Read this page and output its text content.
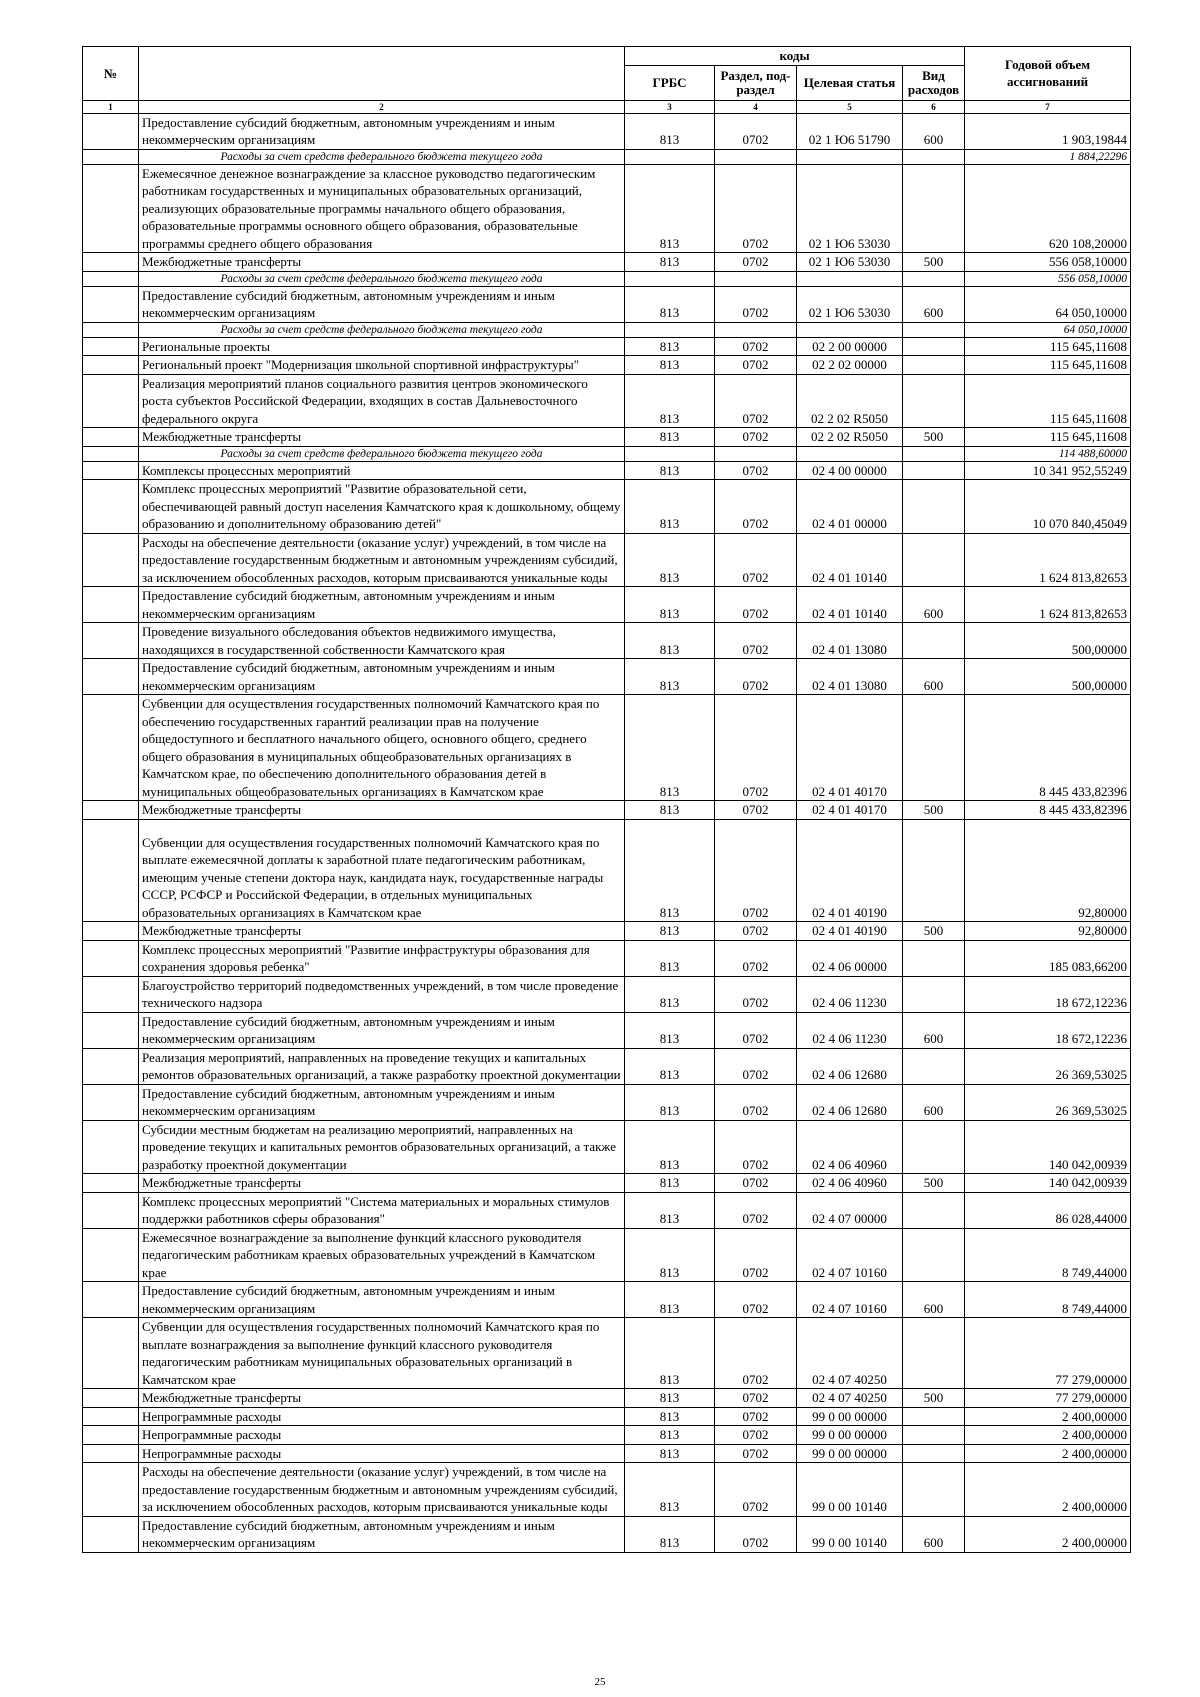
№		коды				Годовой объем ассигнований
		ГРБС	Раздел, под-раздел	Целевая статья	Вид расходов	
1	2	3	4	5	6	7
	Предоставление субсидий бюджетным, автономным учреждениям и иным некоммерческим организациям	813	0702	02 1 Ю6 51790	600	1 903,19844
	Расходы за счет средств федерального бюджета текущего года					1 884,22296
	Ежемесячное денежное вознаграждение за классное руководство педагогическим работникам государственных и муниципальных образовательных организаций, реализующих образовательные программы начального общего образования, образовательные программы основного общего образования, образовательные программы среднего общего образования	813	0702	02 1 Ю6 53030		620 108,20000
	Межбюджетные трансферты	813	0702	02 1 Ю6 53030	500	556 058,10000
	Расходы за счет средств федерального бюджета текущего года					556 058,10000
	Предоставление субсидий бюджетным, автономным учреждениям и иным некоммерческим организациям	813	0702	02 1 Ю6 53030	600	64 050,10000
	Расходы за счет средств федерального бюджета текущего года					64 050,10000
	Региональные проекты	813	0702	02 2 00 00000		115 645,11608
	Региональный проект "Модернизация школьной спортивной инфраструктуры"	813	0702	02 2 02 00000		115 645,11608
	Реализация мероприятий планов социального развития центров экономического роста субъектов Российской Федерации, входящих в состав Дальневосточного федерального округа	813	0702	02 2 02 R5050		115 645,11608
	Межбюджетные трансферты	813	0702	02 2 02 R5050	500	115 645,11608
	Расходы за счет средств федерального бюджета текущего года					114 488,60000
	Комплексы процессных мероприятий	813	0702	02 4 00 00000		10 341 952,55249
	Комплекс процессных мероприятий "Развитие образовательной сети, обеспечивающей равный доступ населения Камчатского края к дошкольному, общему образованию и дополнительному образованию детей"	813	0702	02 4 01 00000		10 070 840,45049
	Расходы на обеспечение деятельности (оказание услуг) учреждений, в том числе на предоставление государственным бюджетным и автономным учреждениям субсидий, за исключением обособленных расходов, которым присваиваются уникальные коды	813	0702	02 4 01 10140		1 624 813,82653
	Предоставление субсидий бюджетным, автономным учреждениям и иным некоммерческим организациям	813	0702	02 4 01 10140	600	1 624 813,82653
	Проведение визуального обследования объектов недвижимого имущества, находящихся в государственной собственности Камчатского края	813	0702	02 4 01 13080		500,00000
	Предоставление субсидий бюджетным, автономным учреждениям и иным некоммерческим организациям	813	0702	02 4 01 13080	600	500,00000
	Субвенции для осуществления государственных полномочий Камчатского края по обеспечению государственных гарантий реализации прав на получение общедоступного и бесплатного начального общего, основного общего, среднего общего образования в муниципальных общеобразовательных организациях в Камчатском крае, по обеспечению дополнительного образования детей в муниципальных общеобразовательных организациях в Камчатском крае	813	0702	02 4 01 40170		8 445 433,82396
	Межбюджетные трансферты	813	0702	02 4 01 40170	500	8 445 433,82396
	Субвенции для осуществления государственных полномочий Камчатского края по выплате ежемесячной доплаты к заработной плате педагогическим работникам, имеющим ученые степени доктора наук, кандидата наук, государственные награды СССР, РСФСР и Российской Федерации, в отдельных муниципальных образовательных организациях в Камчатском крае	813	0702	02 4 01 40190		92,80000
	Межбюджетные трансферты	813	0702	02 4 01 40190	500	92,80000
	Комплекс процессных мероприятий "Развитие инфраструктуры образования для сохранения здоровья ребенка"	813	0702	02 4 06 00000		185 083,66200
	Благоустройство территорий подведомственных учреждений, в том числе проведение технического надзора	813	0702	02 4 06 11230		18 672,12236
	Предоставление субсидий бюджетным, автономным учреждениям и иным некоммерческим организациям	813	0702	02 4 06 11230	600	18 672,12236
	Реализация мероприятий, направленных на проведение текущих и капитальных ремонтов образовательных организаций, а также разработку проектной документации	813	0702	02 4 06 12680		26 369,53025
	Предоставление субсидий бюджетным, автономным учреждениям и иным некоммерческим организациям	813	0702	02 4 06 12680	600	26 369,53025
	Субсидии местным бюджетам на реализацию мероприятий, направленных на проведение текущих и капитальных ремонтов образовательных организаций, а также разработку проектной документации	813	0702	02 4 06 40960		140 042,00939
	Межбюджетные трансферты	813	0702	02 4 06 40960	500	140 042,00939
	Комплекс процессных мероприятий "Система материальных и моральных стимулов поддержки работников сферы образования"	813	0702	02 4 07 00000		86 028,44000
	Ежемесячное вознаграждение за выполнение функций классного руководителя педагогическим работникам краевых образовательных учреждений в Камчатском крае	813	0702	02 4 07 10160		8 749,44000
	Предоставление субсидий бюджетным, автономным учреждениям и иным некоммерческим организациям	813	0702	02 4 07 10160	600	8 749,44000
	Субвенции для осуществления государственных полномочий Камчатского края по выплате вознаграждения за выполнение функций классного руководителя педагогическим работникам муниципальных образовательных организаций в Камчатском крае	813	0702	02 4 07 40250		77 279,00000
	Межбюджетные трансферты	813	0702	02 4 07 40250	500	77 279,00000
	Непрограммные расходы	813	0702	99 0 00 00000		2 400,00000
	Непрограммные расходы	813	0702	99 0 00 00000		2 400,00000
	Непрограммные расходы	813	0702	99 0 00 00000		2 400,00000
	Расходы на обеспечение деятельности (оказание услуг) учреждений, в том числе на предоставление государственным бюджетным и автономным учреждениям субсидий, за исключением обособленных расходов, которым присваиваются уникальные коды	813	0702	99 0 00 10140		2 400,00000
	Предоставление субсидий бюджетным, автономным учреждениям и иным некоммерческим организациям	813	0702	99 0 00 10140	600	2 400,00000
25
